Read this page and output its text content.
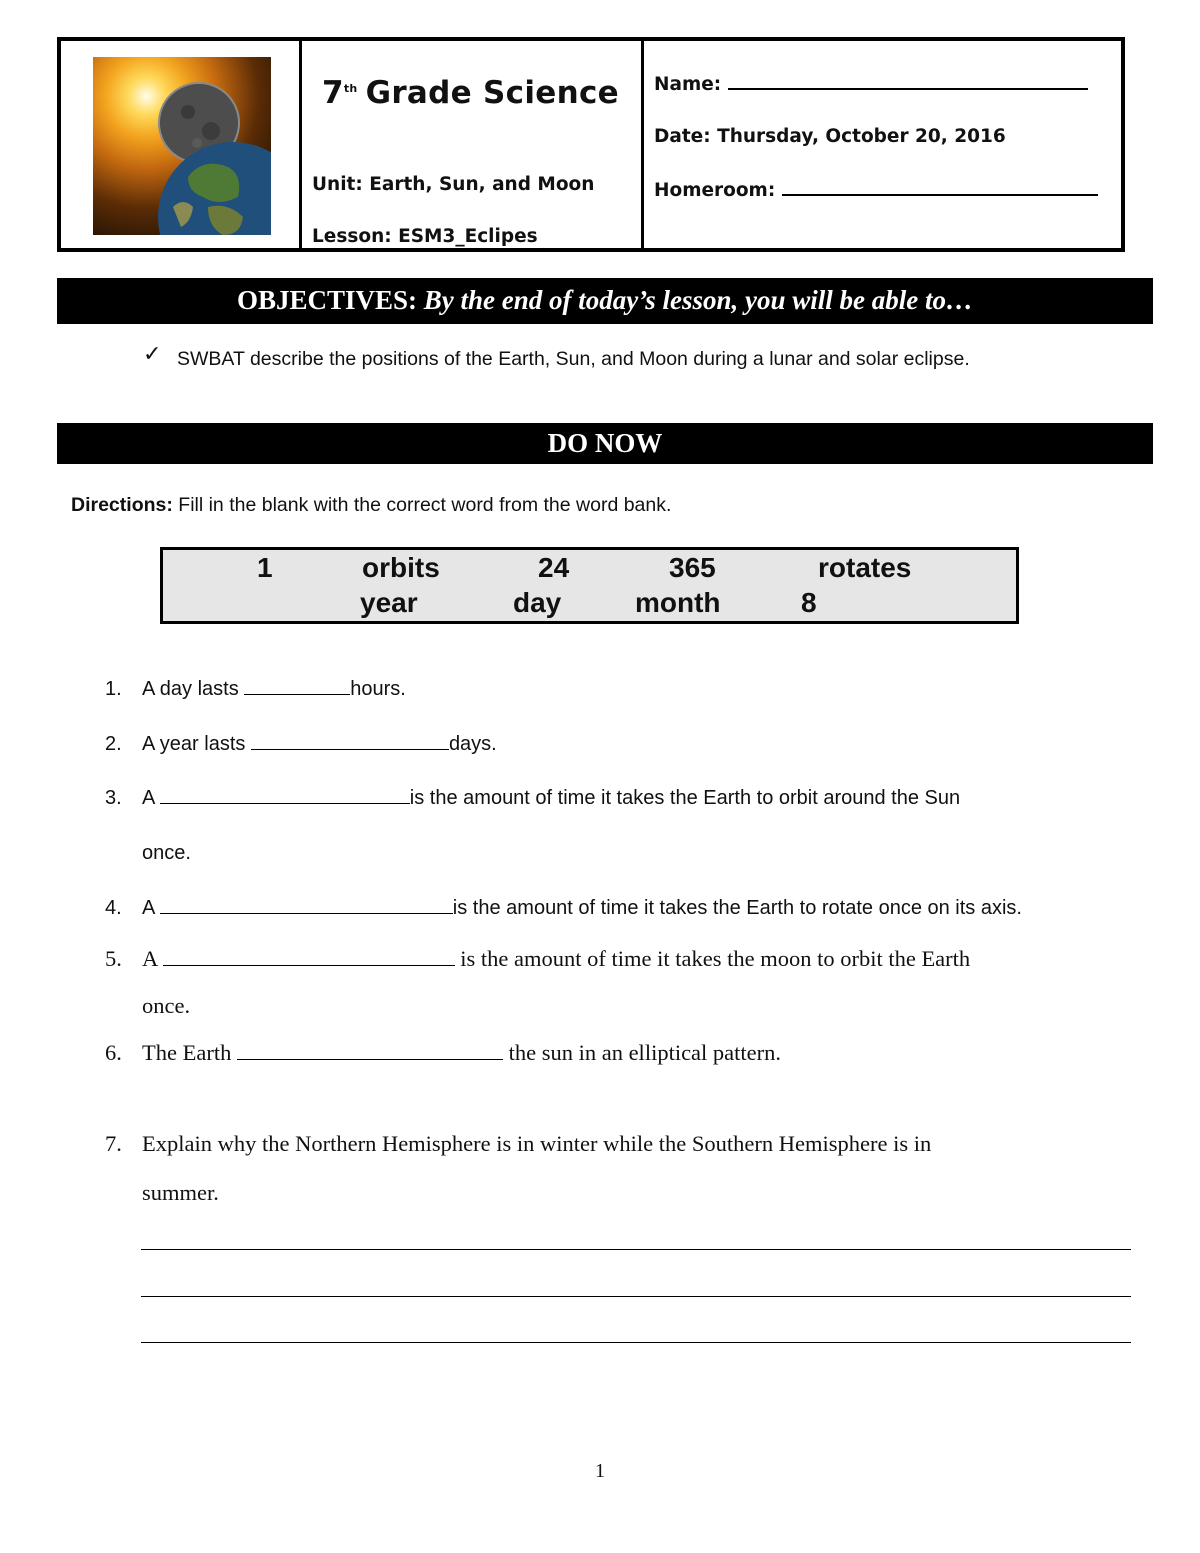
7th Grade Science
Unit: Earth, Sun, and Moon
Lesson: ESM3_Eclipes
Name:
Date: Thursday, October 20, 2016
Homeroom:
OBJECTIVES: By the end of today’s lesson, you will be able to…
✓ SWBAT describe the positions of the Earth, Sun, and Moon during a lunar and solar eclipse.
DO NOW
Directions: Fill in the blank with the correct word from the word bank.
1	orbits	24	365	rotates
year	day	month	8
1. A day lasts	hours.
2. A year lasts	days.
3. A	is the amount of time it takes the Earth to orbit around the Sun
once.
4. A	is the amount of time it takes the Earth to rotate once on its axis.
5. A	is the amount of time it takes the moon to orbit the Earth
once.
6. The Earth	the sun in an elliptical pattern.
7. Explain why the Northern Hemisphere is in winter while the Southern Hemisphere is in
summer.
1
